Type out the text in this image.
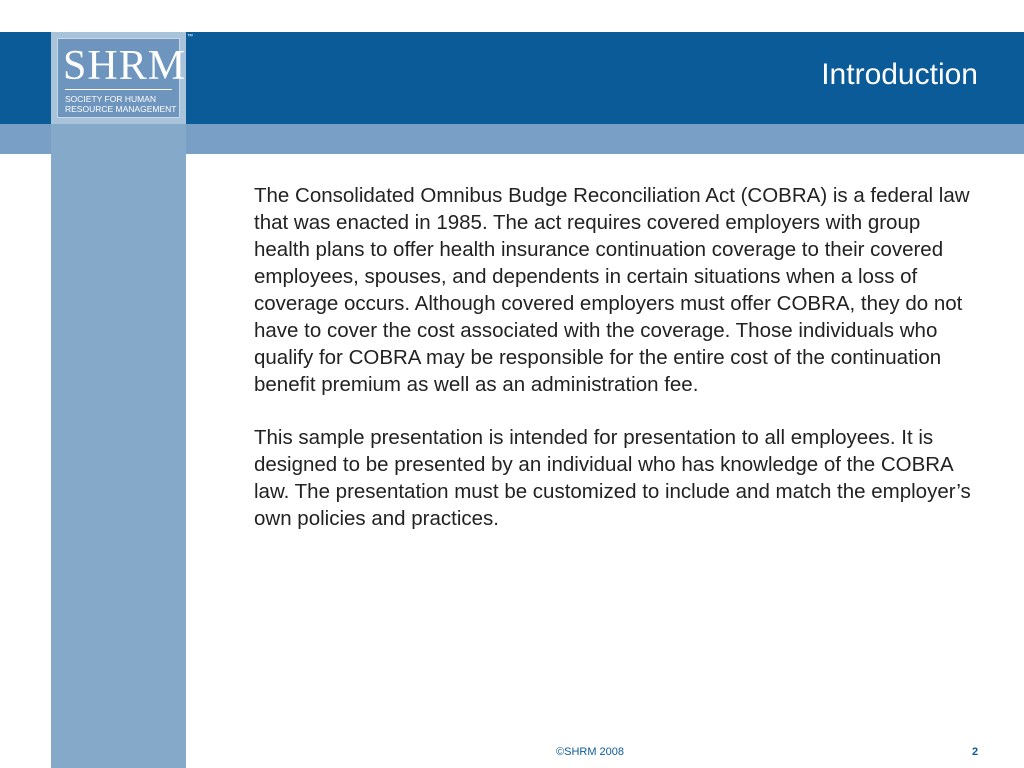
SHRM
SOCIETY FOR HUMAN
RESOURCE MANAGEMENT
™
Introduction

The Consolidated Omnibus Budge Reconciliation Act (COBRA) is a federal law that was enacted in 1985. The act requires covered employers with group health plans to offer health insurance continuation coverage to their covered employees, spouses, and dependents in certain situations when a loss of coverage occurs. Although covered employers must offer COBRA, they do not have to cover the cost associated with the coverage. Those individuals who qualify for COBRA may be responsible for the entire cost of the continuation benefit premium as well as an administration fee.

This sample presentation is intended for presentation to all employees. It is designed to be presented by an individual who has knowledge of the COBRA law. The presentation must be customized to include and match the employer’s own policies and practices.

©SHRM 2008	2
